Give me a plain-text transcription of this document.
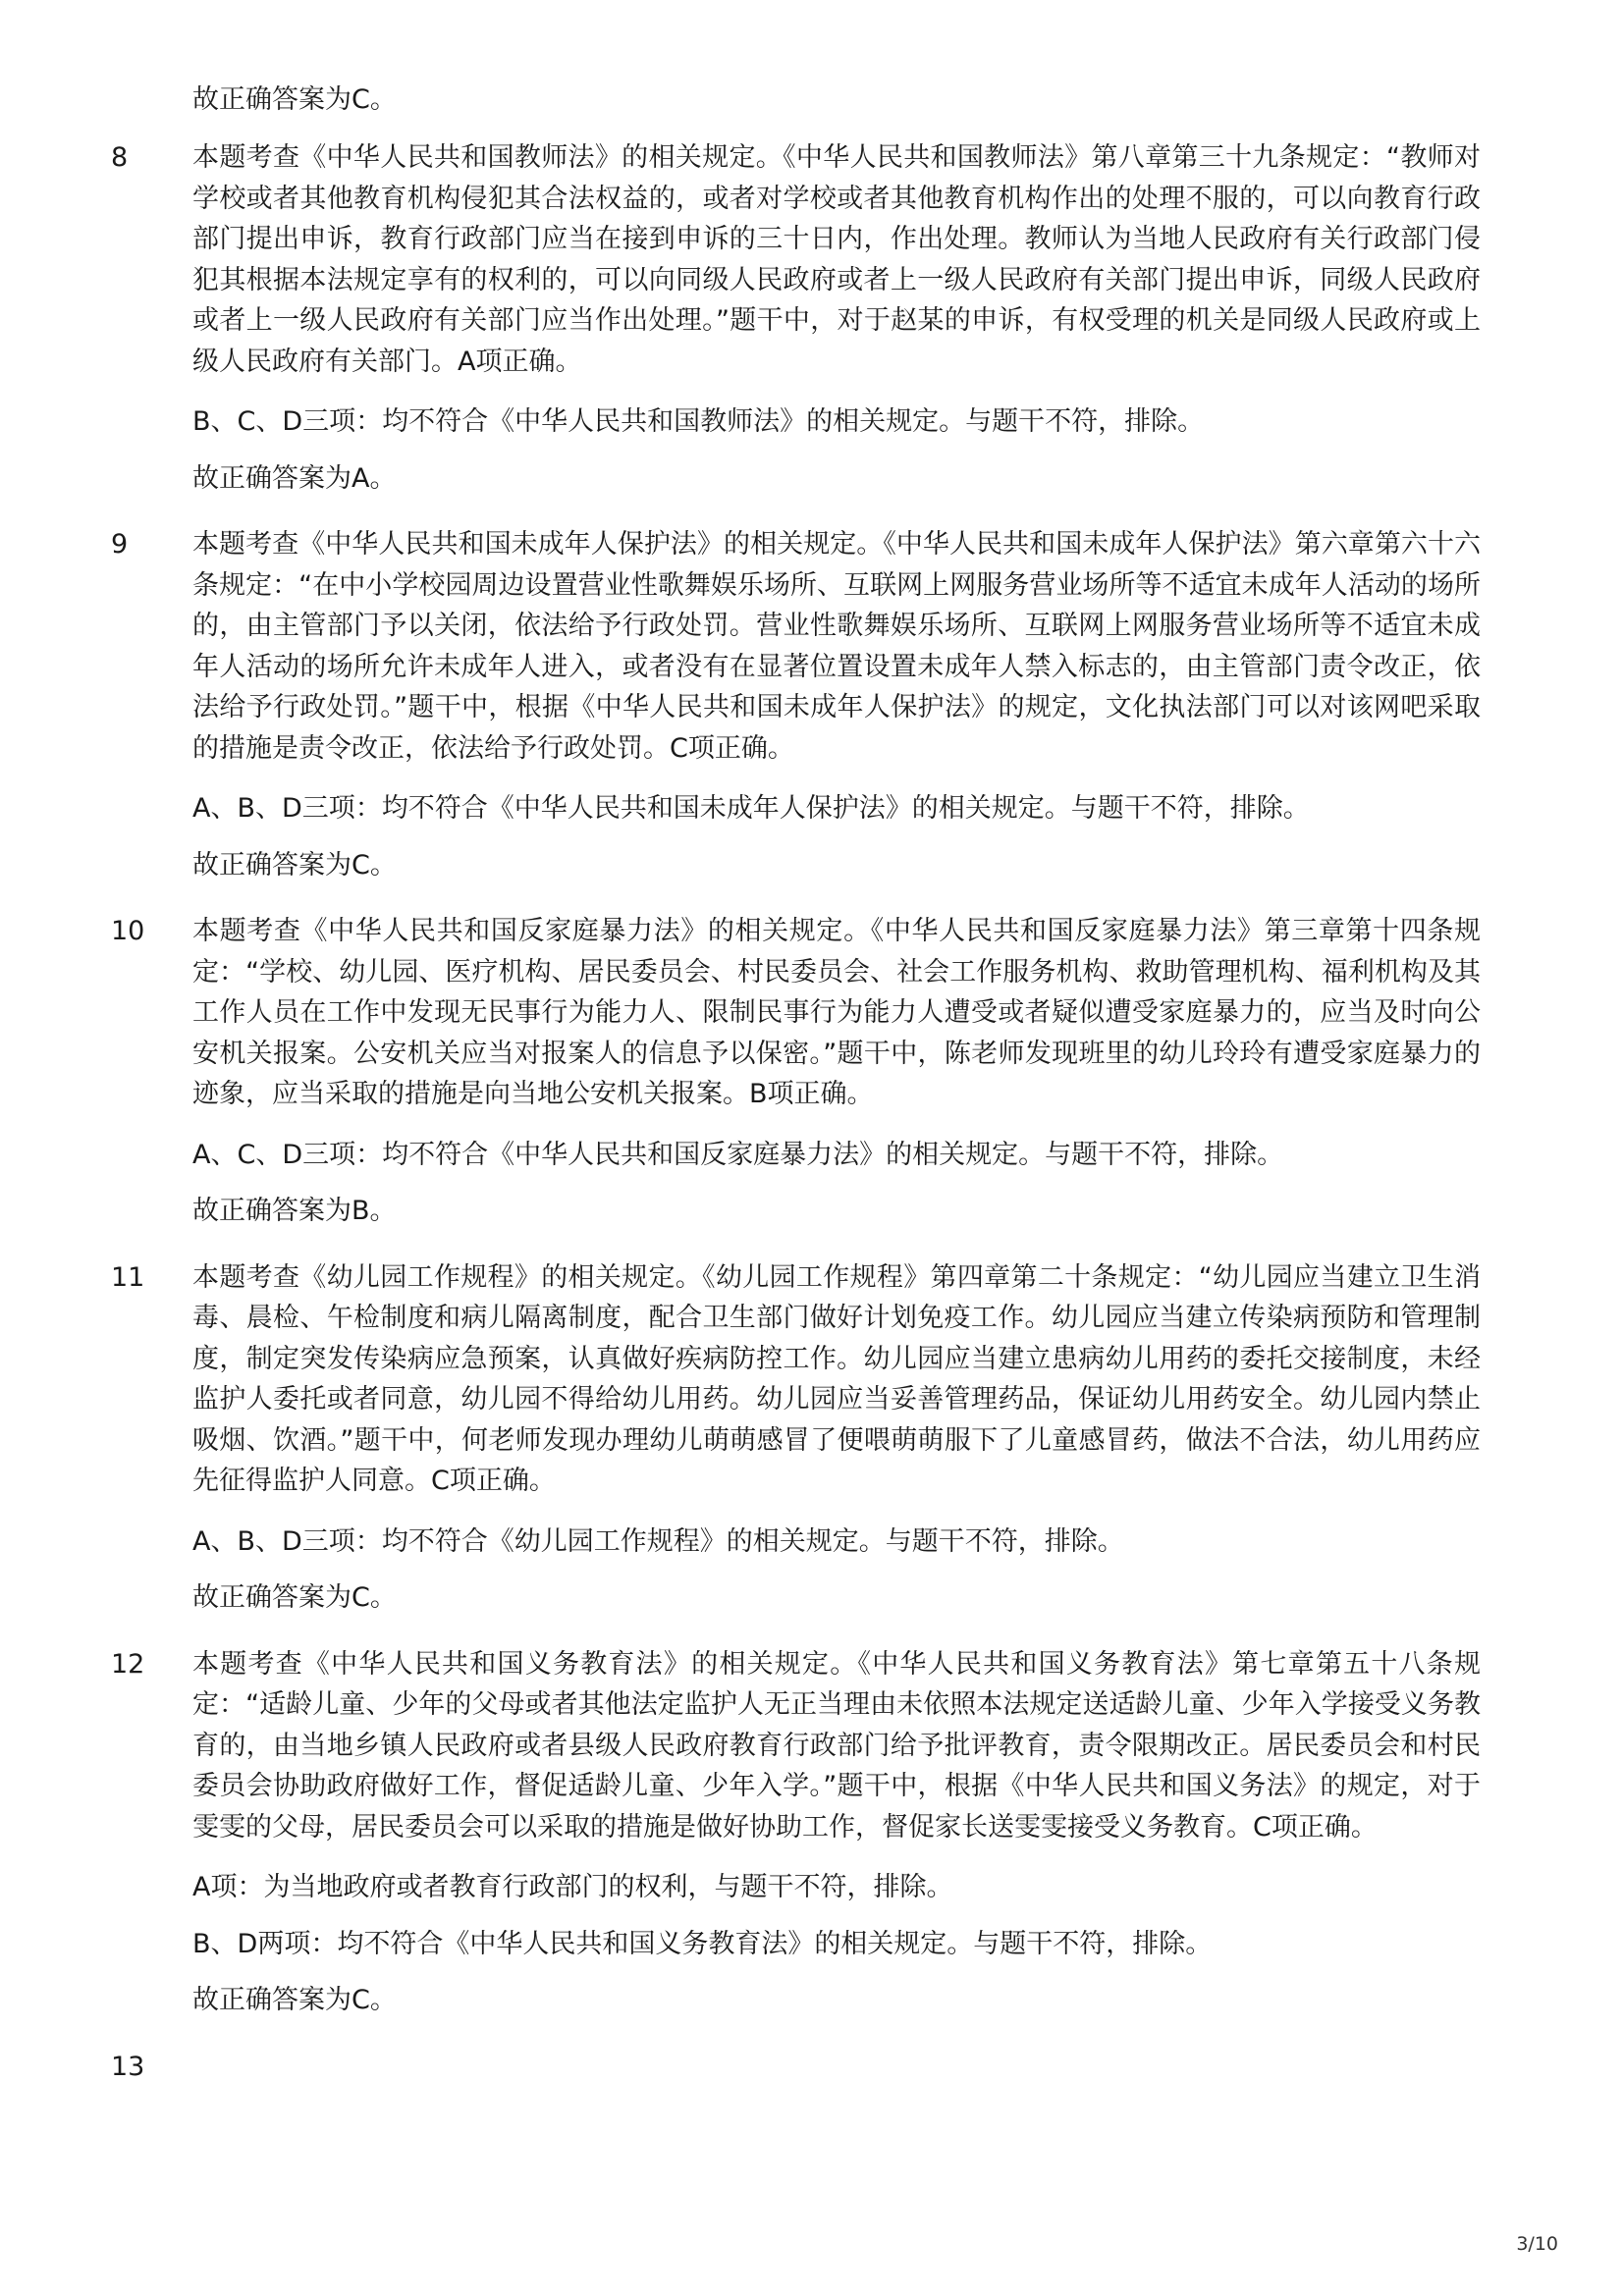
故正确答案为C。
8 本题考查《中华人民共和国教师法》的相关规定。《中华人民共和国教师法》第八章第三十九条规定：“教师对学校或者其他教育机构侵犯其合法权益的，或者对学校或者其他教育机构作出的处理不服的，可以向教育行政部门提出申诉，教育行政部门应当在接到申诉的三十日内，作出处理。教师认为当地人民政府有关行政部门侵犯其根据本法规定享有的权利的，可以向同级人民政府或者上一级人民政府有关部门提出申诉，同级人民政府或者上一级人民政府有关部门应当作出处理。”题干中，对于赵某的申诉，有权受理的机关是同级人民政府或上级人民政府有关部门。A项正确。

B、C、D三项：均不符合《中华人民共和国教师法》的相关规定。与题干不符，排除。

故正确答案为A。

9 本题考查《中华人民共和国未成年人保护法》的相关规定。《中华人民共和国未成年人保护法》第六章第六十六条规定：“在中小学校园周边设置营业性歌舞娱乐场所、互联网上网服务营业场所等不适宜未成年人活动的场所的，由主管部门予以关闭，依法给予行政处罚。营业性歌舞娱乐场所、互联网上网服务营业场所等不适宜未成年人活动的场所允许未成年人进入，或者没有在显著位置设置未成年人禁入标志的，由主管部门责令改正，依法给予行政处罚。”题干中，根据《中华人民共和国未成年人保护法》的规定，文化执法部门可以对该网吧采取的措施是责令改正，依法给予行政处罚。C项正确。

A、B、D三项：均不符合《中华人民共和国未成年人保护法》的相关规定。与题干不符，排除。

故正确答案为C。

10 本题考查《中华人民共和国反家庭暴力法》的相关规定。《中华人民共和国反家庭暴力法》第三章第十四条规定：“学校、幼儿园、医疗机构、居民委员会、村民委员会、社会工作服务机构、救助管理机构、福利机构及其工作人员在工作中发现无民事行为能力人、限制民事行为能力人遭受或者疑似遭受家庭暴力的，应当及时向公安机关报案。公安机关应当对报案人的信息予以保密。”题干中，陈老师发现班里的幼儿玲玲有遭受家庭暴力的迹象，应当采取的措施是向当地公安机关报案。B项正确。

A、C、D三项：均不符合《中华人民共和国反家庭暴力法》的相关规定。与题干不符，排除。

故正确答案为B。

11 本题考查《幼儿园工作规程》的相关规定。《幼儿园工作规程》第四章第二十条规定：“幼儿园应当建立卫生消毒、晨检、午检制度和病儿隔离制度，配合卫生部门做好计划免疫工作。幼儿园应当建立传染病预防和管理制度，制定突发传染病应急预案，认真做好疾病防控工作。幼儿园应当建立患病幼儿用药的委托交接制度，未经监护人委托或者同意，幼儿园不得给幼儿用药。幼儿园应当妥善管理药品，保证幼儿用药安全。幼儿园内禁止吸烟、饮酒。”题干中，何老师发现办理幼儿萌萌感冒了便喂萌萌服下了儿童感冒药，做法不合法，幼儿用药应先征得监护人同意。C项正确。

A、B、D三项：均不符合《幼儿园工作规程》的相关规定。与题干不符，排除。

故正确答案为C。

12 本题考查《中华人民共和国义务教育法》的相关规定。《中华人民共和国义务教育法》第七章第五十八条规定：“适龄儿童、少年的父母或者其他法定监护人无正当理由未依照本法规定送适龄儿童、少年入学接受义务教育的，由当地乡镇人民政府或者县级人民政府教育行政部门给予批评教育，责令限期改正。居民委员会和村民委员会协助政府做好工作，督促适龄儿童、少年入学。”题干中，根据《中华人民共和国义务法》的规定，对于雯雯的父母，居民委员会可以采取的措施是做好协助工作，督促家长送雯雯接受义务教育。C项正确。

A项：为当地政府或者教育行政部门的权利，与题干不符，排除。

B、D两项：均不符合《中华人民共和国义务教育法》的相关规定。与题干不符，排除。

故正确答案为C。

13

3/10
